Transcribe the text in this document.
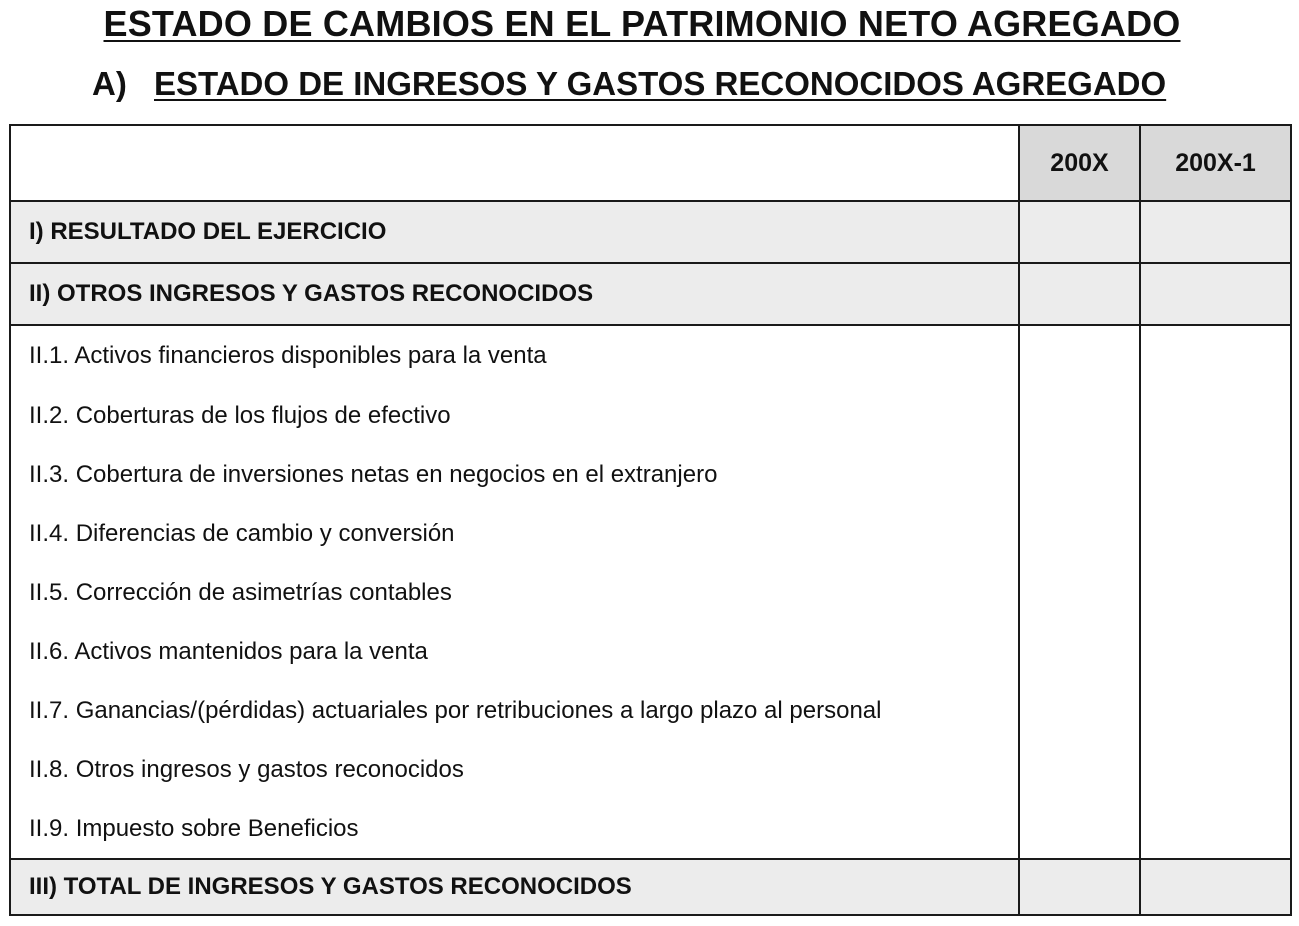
ESTADO DE CAMBIOS EN EL PATRIMONIO NETO AGREGADO
A) ESTADO DE INGRESOS Y GASTOS RECONOCIDOS AGREGADO
	200X	200X-1
I) RESULTADO DEL EJERCICIO		
II) OTROS INGRESOS Y GASTOS RECONOCIDOS		
II.1. Activos financieros disponibles para la venta		
II.2. Coberturas de los flujos de efectivo		
II.3. Cobertura de inversiones netas en negocios en el extranjero		
II.4. Diferencias de cambio y conversión		
II.5. Corrección de asimetrías contables		
II.6. Activos mantenidos para la venta		
II.7. Ganancias/(pérdidas) actuariales por retribuciones a largo plazo al personal		
II.8. Otros ingresos y gastos reconocidos		
II.9. Impuesto sobre Beneficios		
III) TOTAL DE INGRESOS Y GASTOS RECONOCIDOS		
